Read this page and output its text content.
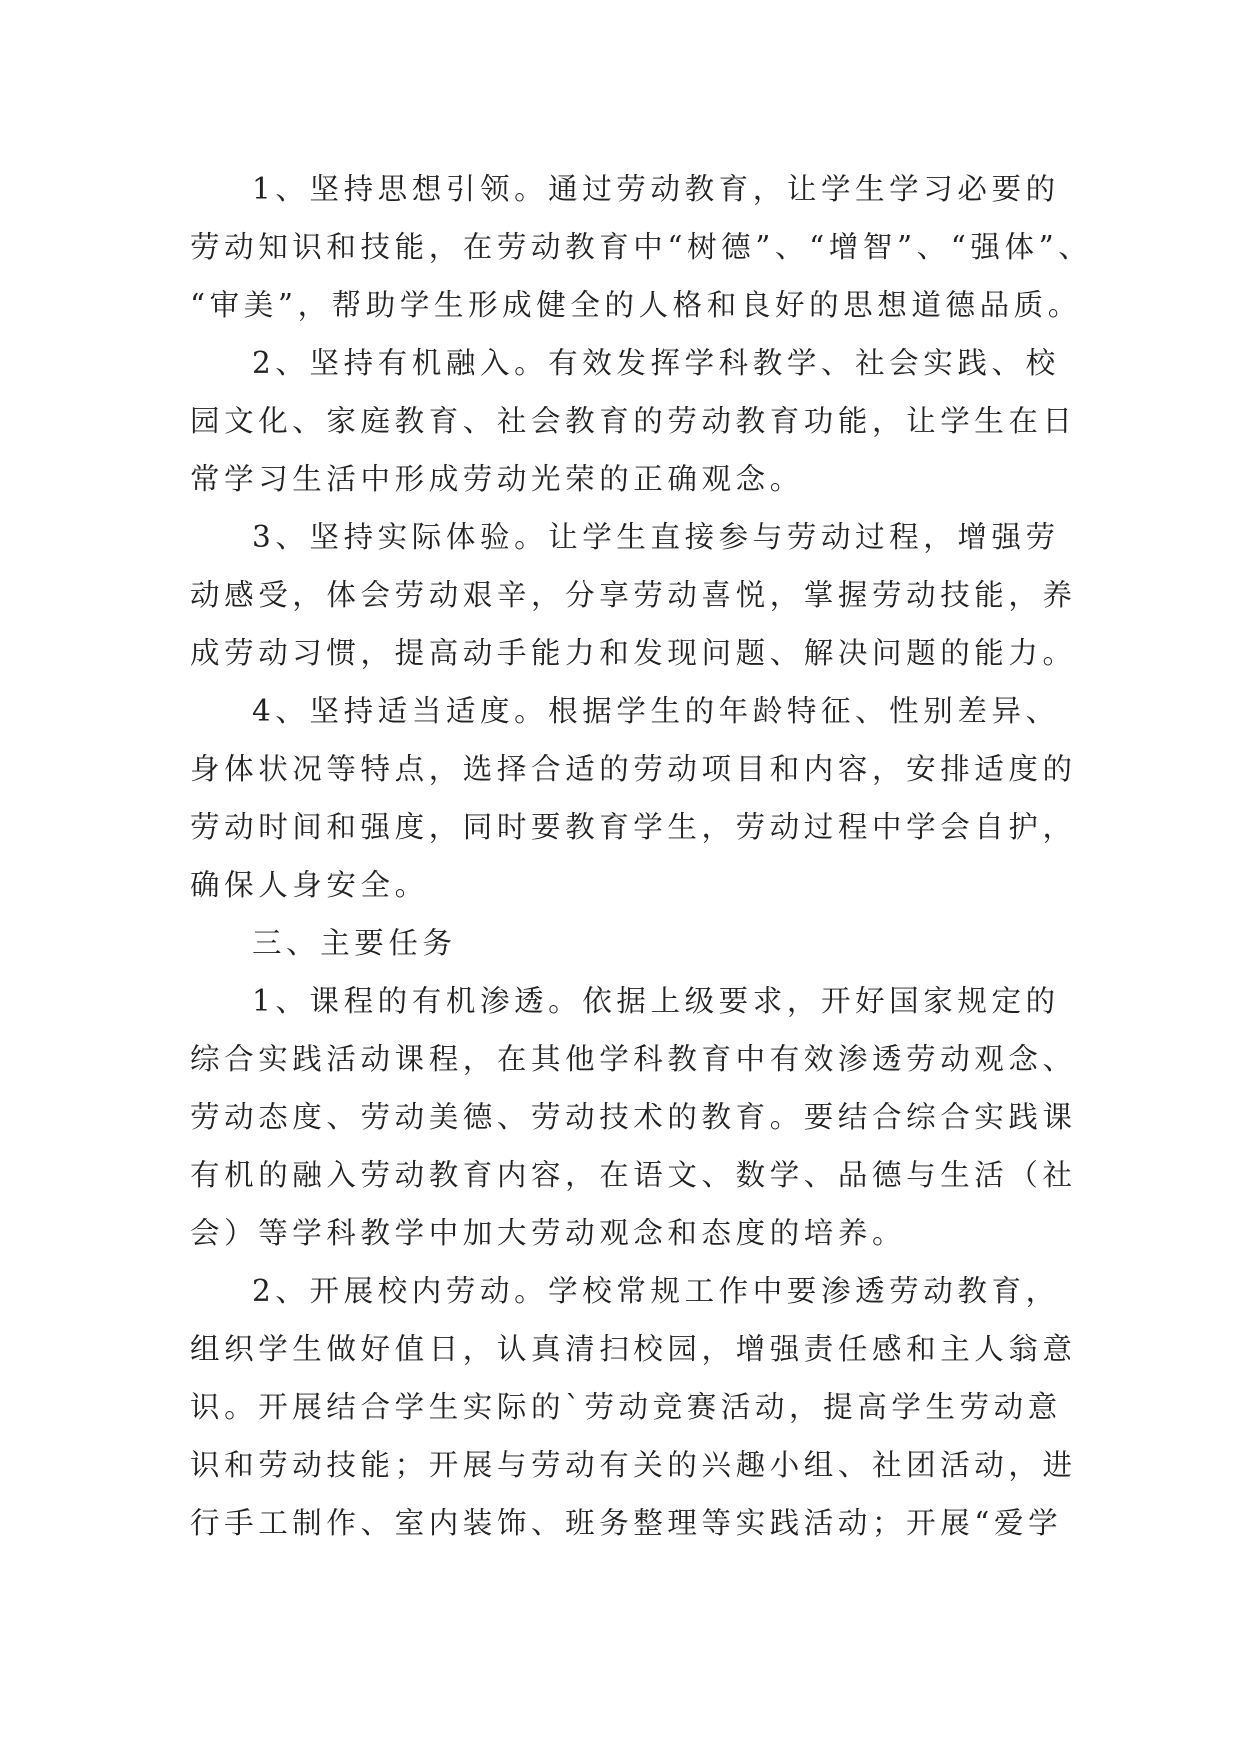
1、坚持思想引领。通过劳动教育，让学生学习必要的
劳动知识和技能，在劳动教育中“树德”、“增智”、“强体”、
“审美”，帮助学生形成健全的人格和良好的思想道德品质。
2、坚持有机融入。有效发挥学科教学、社会实践、校
园文化、家庭教育、社会教育的劳动教育功能，让学生在日
常学习生活中形成劳动光荣的正确观念。
3、坚持实际体验。让学生直接参与劳动过程，增强劳
动感受，体会劳动艰辛，分享劳动喜悦，掌握劳动技能，养
成劳动习惯，提高动手能力和发现问题、解决问题的能力。
4、坚持适当适度。根据学生的年龄特征、性别差异、
身体状况等特点，选择合适的劳动项目和内容，安排适度的
劳动时间和强度，同时要教育学生，劳动过程中学会自护，
确保人身安全。
三、主要任务
1、课程的有机渗透。依据上级要求，开好国家规定的
综合实践活动课程，在其他学科教育中有效渗透劳动观念、
劳动态度、劳动美德、劳动技术的教育。要结合综合实践课
有机的融入劳动教育内容，在语文、数学、品德与生活（社
会）等学科教学中加大劳动观念和态度的培养。
2、开展校内劳动。学校常规工作中要渗透劳动教育，
组织学生做好值日，认真清扫校园，增强责任感和主人翁意
识。开展结合学生实际的`劳动竞赛活动，提高学生劳动意
识和劳动技能；开展与劳动有关的兴趣小组、社团活动，进
行手工制作、室内装饰、班务整理等实践活动；开展“爱学
